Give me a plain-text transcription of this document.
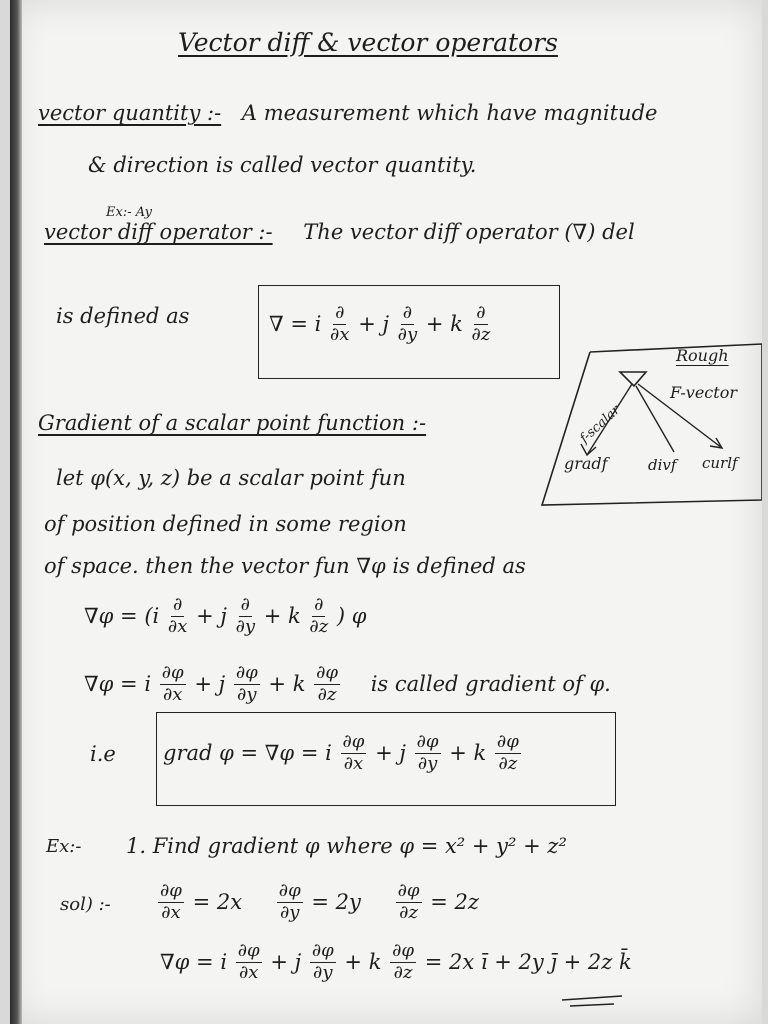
Vector diff & vector operators
vector quantity :- A measurement which have magnitude
& direction is called vector quantity.
Ex:- Ay
vector diff operator :- The vector diff operator (∇) del
is defined as	∇ = i $\frac{\partial}{\partial x} + j \frac{\partial}{\partial y} + k \frac{\partial}{\partial z}$
Rough
f-scalar
F-vector
gradf	divf curlf
Gradient of a scalar point function :-
let φ(x, y, z) be a scalar point fun
of position defined in some region
of space. then the vector fun ∇φ is defined as
$\nabla\varphi = (i \frac{\partial}{\partial x} + j \frac{\partial}{\partial y} + k \frac{\partial}{\partial z}$ ) φ
∇φ = i $\frac{\partial\varphi}{\partial x} + j \frac{\partial\varphi}{\partial y} + k \frac{\partial\varphi}{\partial z}$ is called gradient of φ.
i.e grad φ = ∇φ = i $\frac{\partial\varphi}{\partial x} + j \frac{\partial\varphi}{\partial y} + k \frac{\partial\varphi}{\partial z}$
Ex:- 1. Find gradient φ where φ = x² + y² + z²
sol) :-	$\frac{\partial\varphi}{\partial x} = 2x \frac{\partial\varphi}{\partial y} = 2y \frac{\partial\varphi}{\partial z} = 2z$
∇φ = i $\frac{\partial\varphi}{\partial x} + j \frac{\partial\varphi}{\partial y} + k \frac{\partial\varphi}{\partial z} = 2x$ ī + 2y j̄ + 2z k̄
